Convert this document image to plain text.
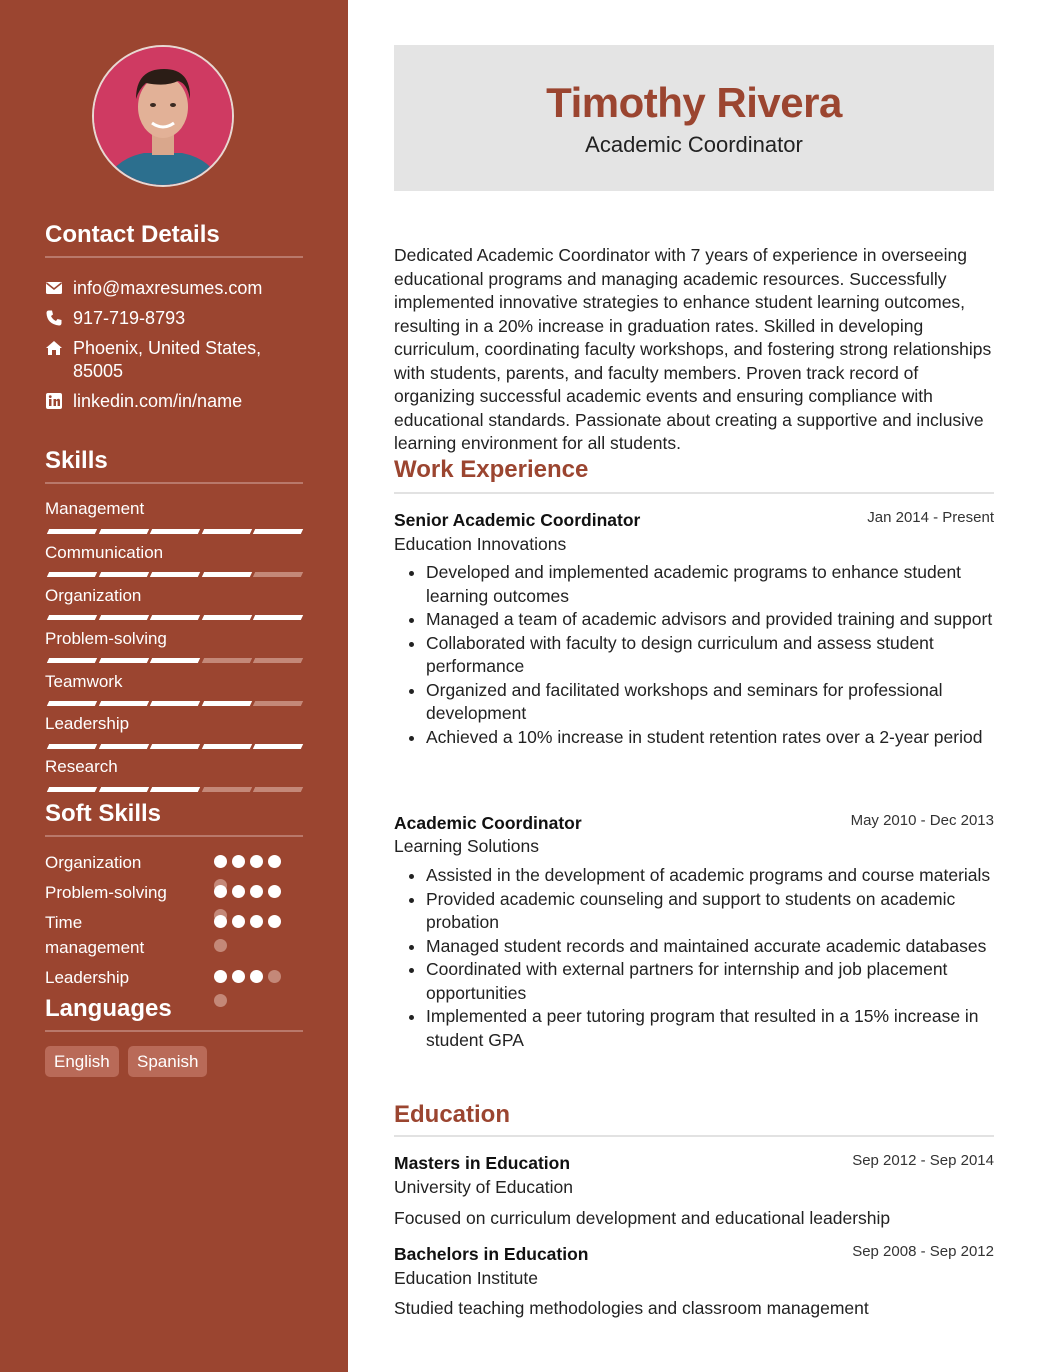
Contact Details
info@maxresumes.com
917-719-8793
Phoenix, United States, 85005
linkedin.com/in/name
Skills
Management
Communication
Organization
Problem-solving
Teamwork
Leadership
Research
Soft Skills
Organization
Problem-solving
Time management
Leadership
Languages
English	Spanish
Timothy Rivera
Academic Coordinator
Dedicated Academic Coordinator with 7 years of experience in overseeing educational programs and managing academic resources. Successfully implemented innovative strategies to enhance student learning outcomes, resulting in a 20% increase in graduation rates. Skilled in developing curriculum, coordinating faculty workshops, and fostering strong relationships with students, parents, and faculty members. Proven track record of organizing successful academic events and ensuring compliance with educational standards. Passionate about creating a supportive and inclusive learning environment for all students.
Work Experience
Senior Academic Coordinator	Jan 2014 - Present
Education Innovations
• Developed and implemented academic programs to enhance student learning outcomes
• Managed a team of academic advisors and provided training and support
• Collaborated with faculty to design curriculum and assess student performance
• Organized and facilitated workshops and seminars for professional development
• Achieved a 10% increase in student retention rates over a 2-year period
Academic Coordinator	May 2010 - Dec 2013
Learning Solutions
• Assisted in the development of academic programs and course materials
• Provided academic counseling and support to students on academic probation
• Managed student records and maintained accurate academic databases
• Coordinated with external partners for internship and job placement opportunities
• Implemented a peer tutoring program that resulted in a 15% increase in student GPA
Education
Masters in Education	Sep 2012 - Sep 2014
University of Education
Focused on curriculum development and educational leadership
Bachelors in Education	Sep 2008 - Sep 2012
Education Institute
Studied teaching methodologies and classroom management
